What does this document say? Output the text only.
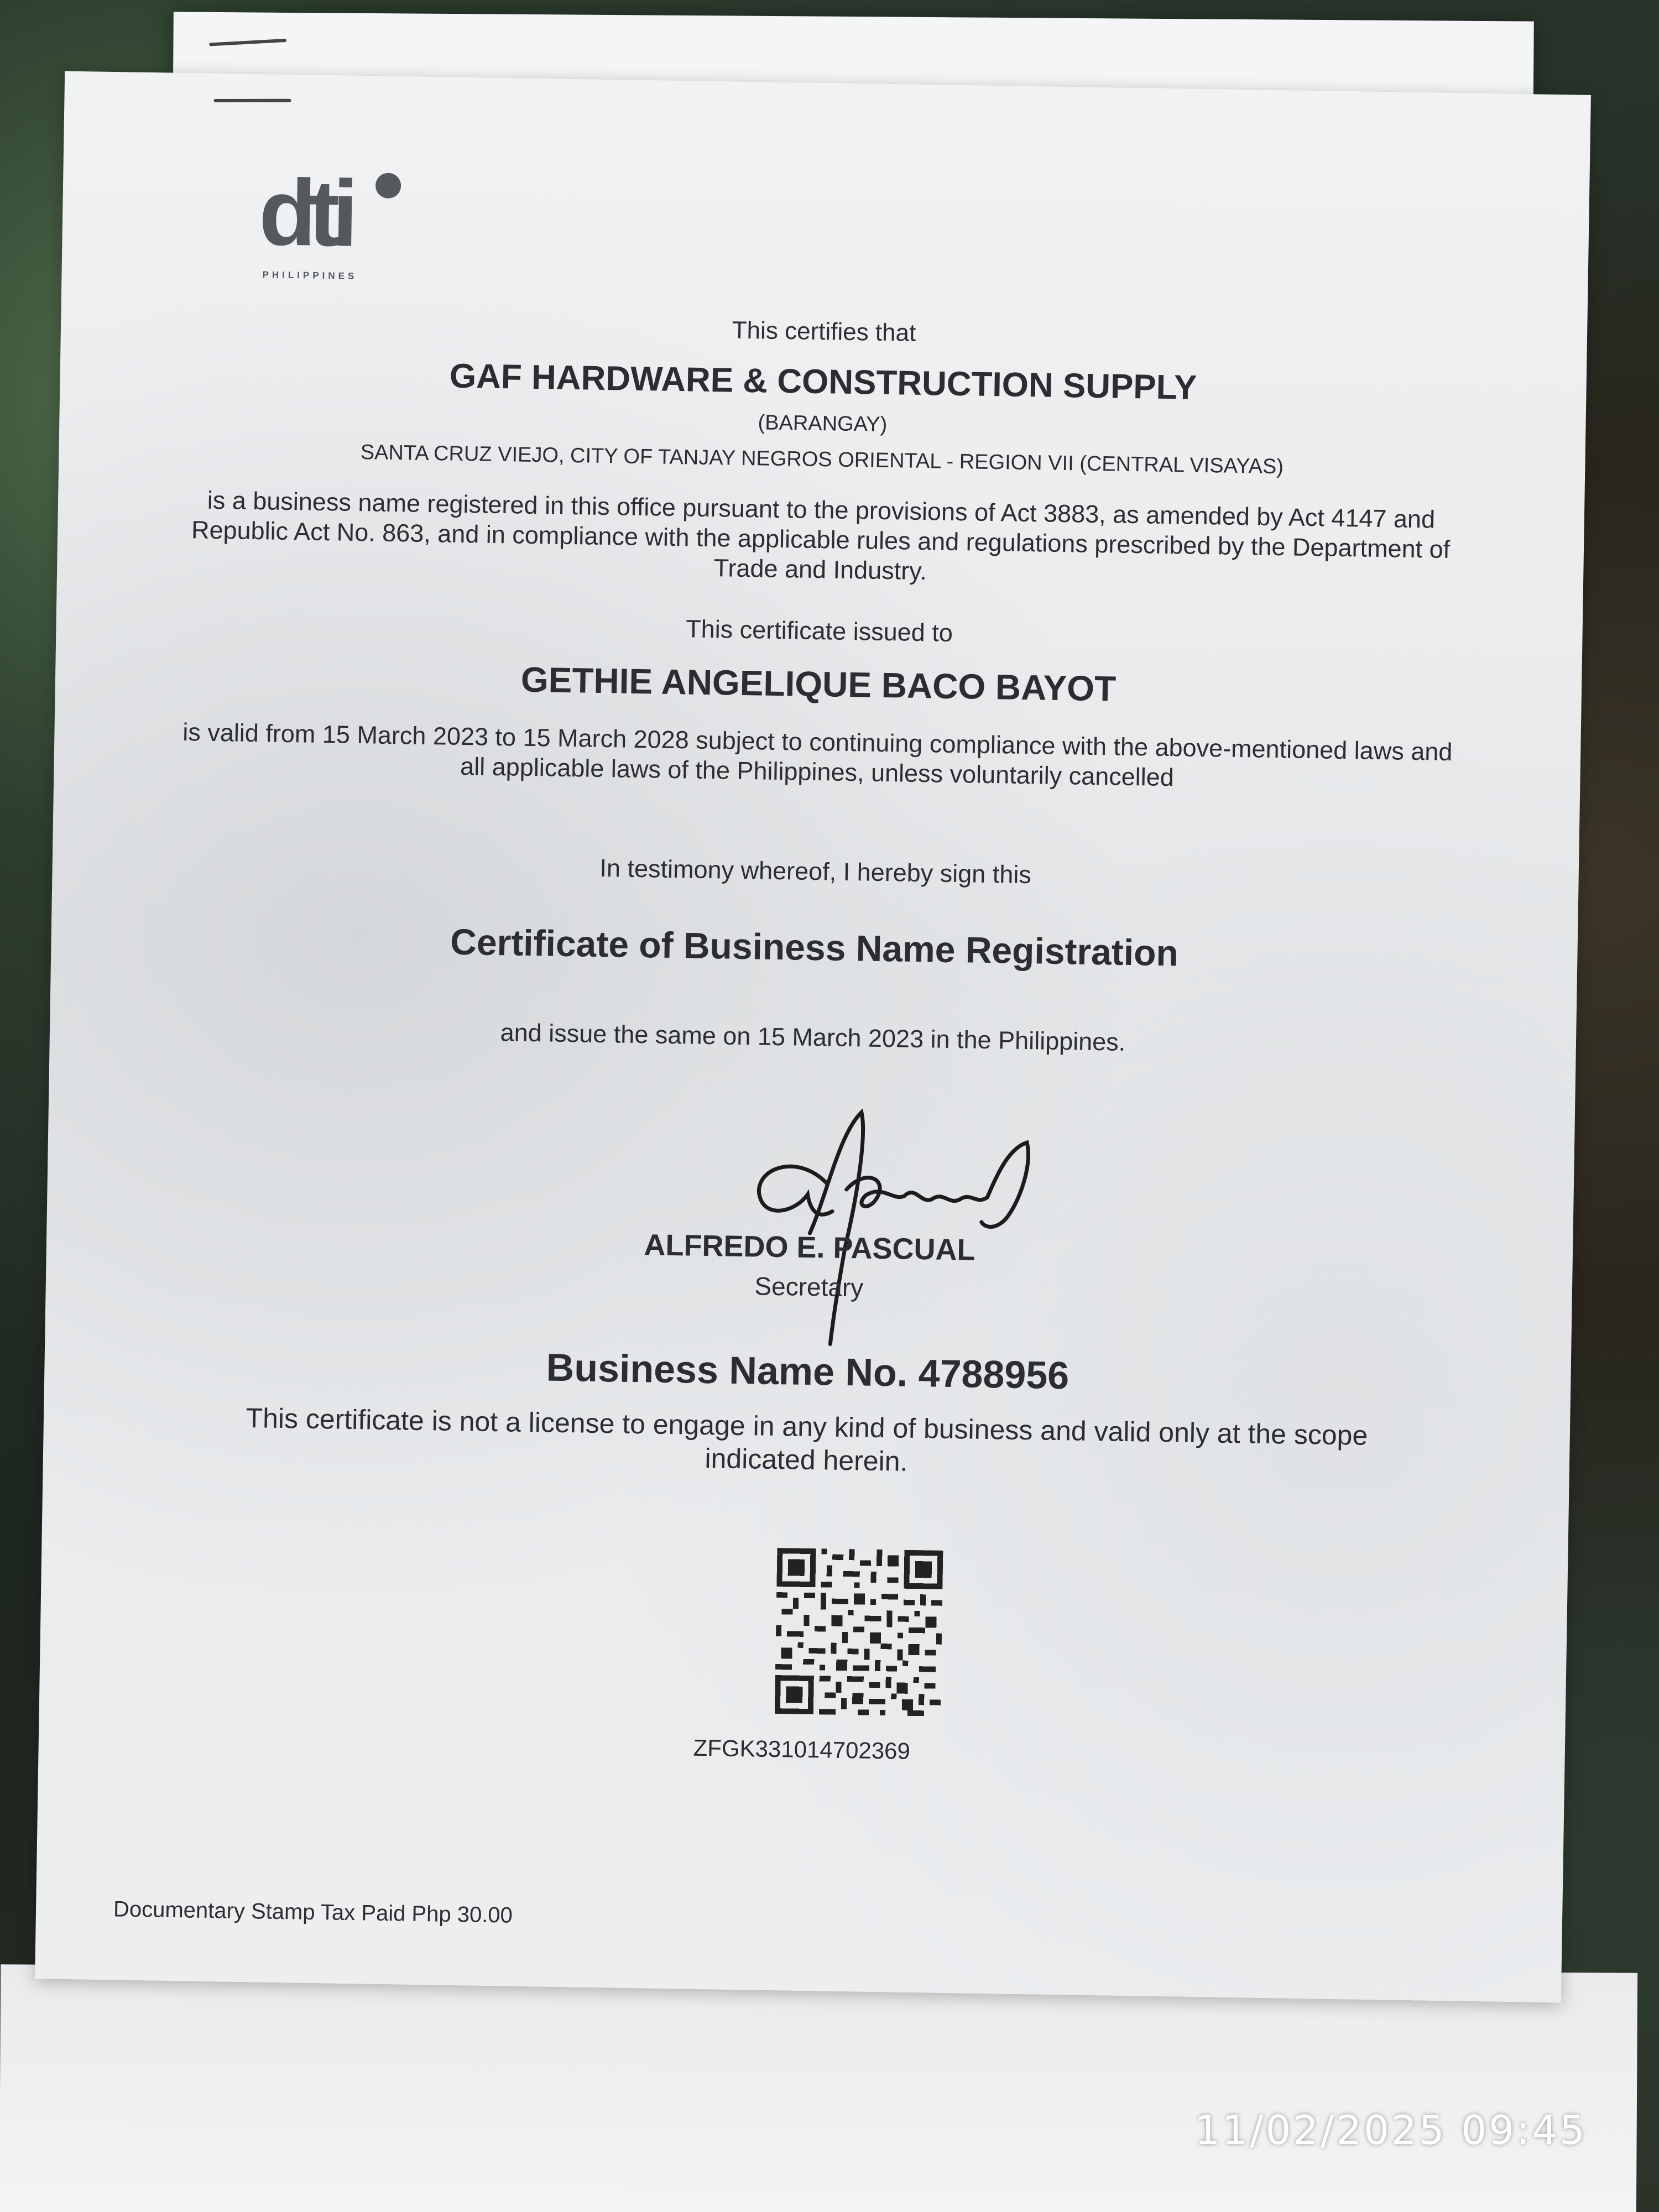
dti
PHILIPPINES
This certifies that
GAF HARDWARE & CONSTRUCTION SUPPLY
(BARANGAY)
SANTA CRUZ VIEJO, CITY OF TANJAY NEGROS ORIENTAL - REGION VII (CENTRAL VISAYAS)
is a business name registered in this office pursuant to the provisions of Act 3883, as amended by Act 4147 and Republic Act No. 863, and in compliance with the applicable rules and regulations prescribed by the Department of Trade and Industry.
This certificate issued to
GETHIE ANGELIQUE BACO BAYOT
is valid from 15 March 2023 to 15 March 2028 subject to continuing compliance with the above-mentioned laws and all applicable laws of the Philippines, unless voluntarily cancelled
In testimony whereof, I hereby sign this
Certificate of Business Name Registration
and issue the same on 15 March 2023 in the Philippines.
ALFREDO E. PASCUAL
Secretary
Business Name No. 4788956
This certificate is not a license to engage in any kind of business and valid only at the scope indicated herein.
ZFGK331014702369
Documentary Stamp Tax Paid Php 30.00
11/02/2025 09:45
